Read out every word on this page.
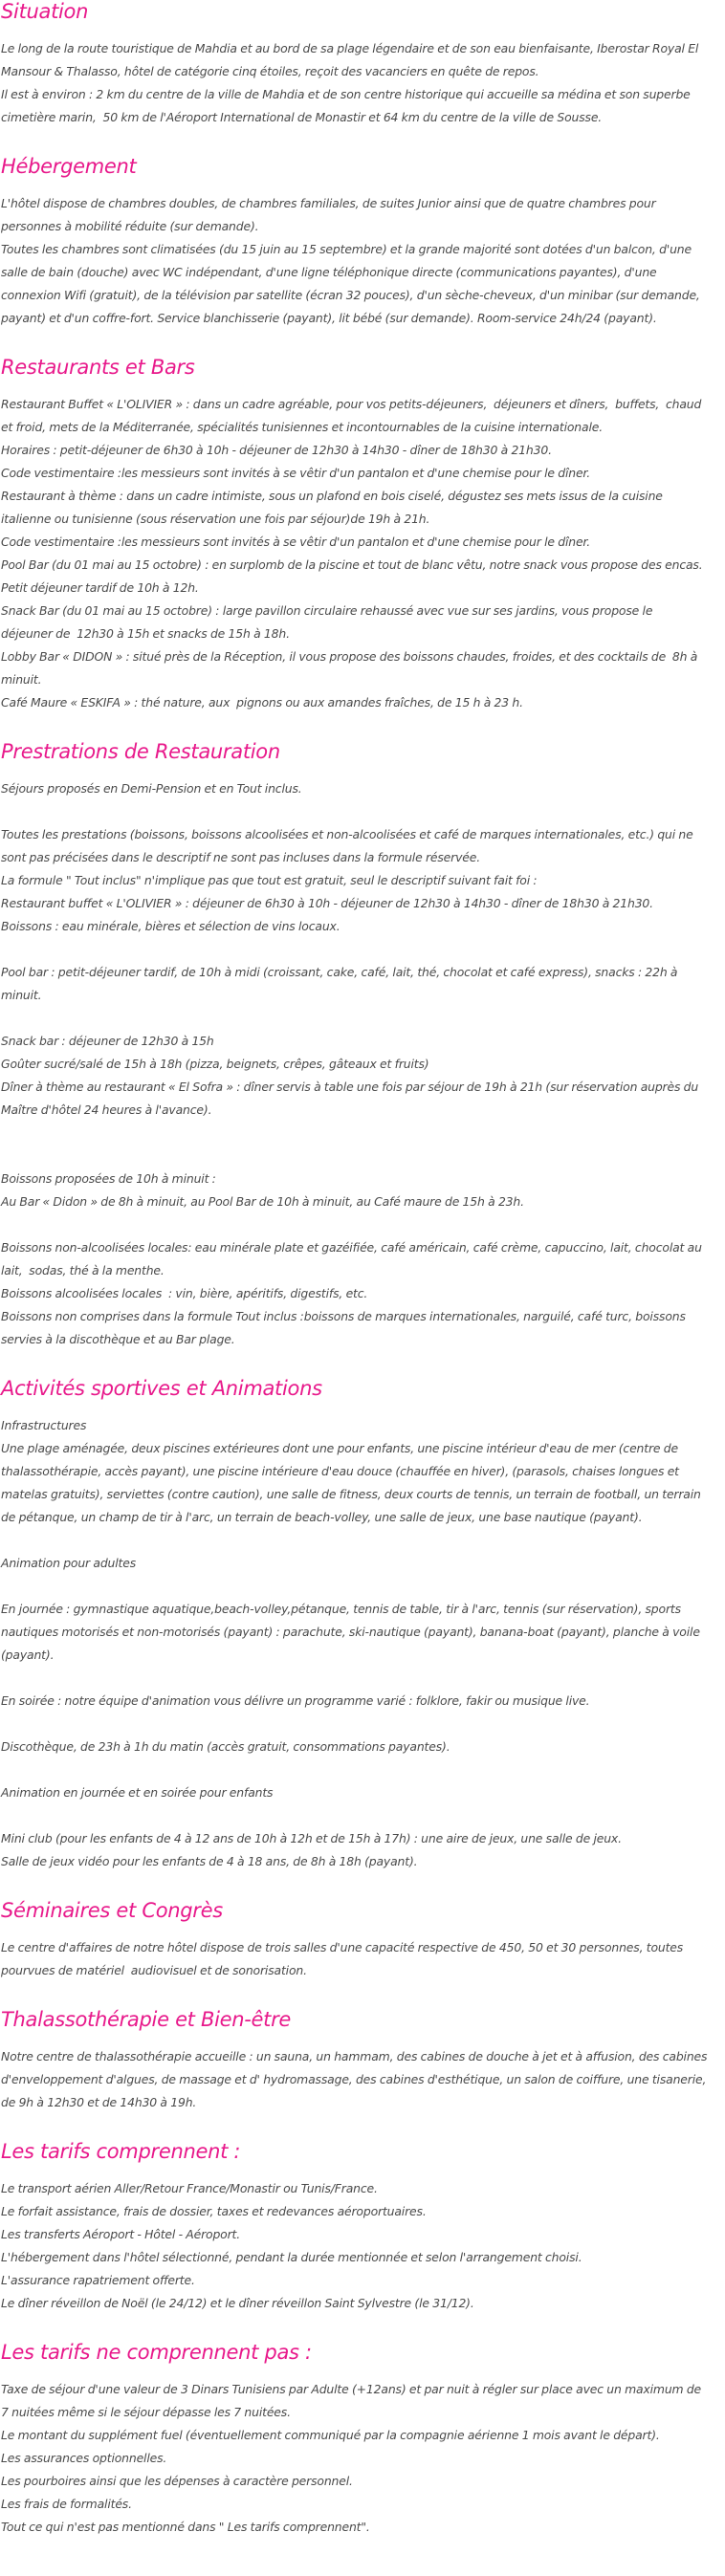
Situation

Le long de la route touristique de Mahdia et au bord de sa plage légendaire et de son eau bienfaisante, Iberostar Royal El

Mansour & Thalasso, hôtel de catégorie cinq étoiles, reçoit des vacanciers en quête de repos.

Il est à environ : 2 km du centre de la ville de Mahdia et de son centre historique qui accueille sa médina et son superbe

cimetière marin,  50 km de l'Aéroport International de Monastir et 64 km du centre de la ville de Sousse.

Hébergement

L'hôtel dispose de chambres doubles, de chambres familiales, de suites Junior ainsi que de quatre chambres pour

personnes à mobilité réduite (sur demande).

Toutes les chambres sont climatisées (du 15 juin au 15 septembre) et la grande majorité sont dotées d'un balcon, d'une

salle de bain (douche) avec WC indépendant, d'une ligne téléphonique directe (communications payantes), d'une

connexion Wifi (gratuit), de la télévision par satellite (écran 32 pouces), d'un sèche-cheveux, d'un minibar (sur demande,

payant) et d'un coffre-fort. Service blanchisserie (payant), lit bébé (sur demande). Room-service 24h/24 (payant).

Restaurants et Bars

Restaurant Buffet « L'OLIVIER » : dans un cadre agréable, pour vos petits-déjeuners,  déjeuners et dîners,  buffets,  chaud

et froid, mets de la Méditerranée, spécialités tunisiennes et incontournables de la cuisine internationale.

Horaires : petit-déjeuner de 6h30 à 10h - déjeuner de 12h30 à 14h30 - dîner de 18h30 à 21h30.

Code vestimentaire :les messieurs sont invités à se vêtir d'un pantalon et d'une chemise pour le dîner.

Restaurant à thème : dans un cadre intimiste, sous un plafond en bois ciselé, dégustez ses mets issus de la cuisine

italienne ou tunisienne (sous réservation une fois par séjour)de 19h à 21h.

Code vestimentaire :les messieurs sont invités à se vêtir d'un pantalon et d'une chemise pour le dîner.

Pool Bar (du 01 mai au 15 octobre) : en surplomb de la piscine et tout de blanc vêtu, notre snack vous propose des encas.

Petit déjeuner tardif de 10h à 12h.

Snack Bar (du 01 mai au 15 octobre) : large pavillon circulaire rehaussé avec vue sur ses jardins, vous propose le

déjeuner de  12h30 à 15h et snacks de 15h à 18h.

Lobby Bar « DIDON » : situé près de la Réception, il vous propose des boissons chaudes, froides, et des cocktails de  8h à

minuit.

Café Maure « ESKIFA » : thé nature, aux  pignons ou aux amandes fraîches, de 15 h à 23 h.

Prestrations de Restauration

Séjours proposés en Demi-Pension et en Tout inclus.

Toutes les prestations (boissons, boissons alcoolisées et non-alcoolisées et café de marques internationales, etc.) qui ne

sont pas précisées dans le descriptif ne sont pas incluses dans la formule réservée.

La formule " Tout inclus" n'implique pas que tout est gratuit, seul le descriptif suivant fait foi :

Restaurant buffet « L'OLIVIER » : déjeuner de 6h30 à 10h - déjeuner de 12h30 à 14h30 - dîner de 18h30 à 21h30.

Boissons : eau minérale, bières et sélection de vins locaux.

Pool bar : petit-déjeuner tardif, de 10h à midi (croissant, cake, café, lait, thé, chocolat et café express), snacks : 22h à

minuit.

Snack bar : déjeuner de 12h30 à 15h

Goûter sucré/salé de 15h à 18h (pizza, beignets, crêpes, gâteaux et fruits)

Dîner à thème au restaurant « El Sofra » : dîner servis à table une fois par séjour de 19h à 21h (sur réservation auprès du

Maître d'hôtel 24 heures à l'avance).

Boissons proposées de 10h à minuit :

Au Bar « Didon » de 8h à minuit, au Pool Bar de 10h à minuit, au Café maure de 15h à 23h.

Boissons non-alcoolisées locales: eau minérale plate et gazéifiée, café américain, café crème, capuccino, lait, chocolat au

lait,  sodas, thé à la menthe.

Boissons alcoolisées locales  : vin, bière, apéritifs, digestifs, etc.

Boissons non comprises dans la formule Tout inclus :boissons de marques internationales, narguilé, café turc, boissons

servies à la discothèque et au Bar plage.

Activités sportives et Animations

Infrastructures

Une plage aménagée, deux piscines extérieures dont une pour enfants, une piscine intérieur d'eau de mer (centre de

thalassothérapie, accès payant), une piscine intérieure d'eau douce (chauffée en hiver), (parasols, chaises longues et

matelas gratuits), serviettes (contre caution), une salle de fitness, deux courts de tennis, un terrain de football, un terrain

de pétanque, un champ de tir à l'arc, un terrain de beach-volley, une salle de jeux, une base nautique (payant).

Animation pour adultes

En journée : gymnastique aquatique,beach-volley,pétanque, tennis de table, tir à l'arc, tennis (sur réservation), sports

nautiques motorisés et non-motorisés (payant) : parachute, ski-nautique (payant), banana-boat (payant), planche à voile

(payant).

En soirée : notre équipe d'animation vous délivre un programme varié : folklore, fakir ou musique live.

Discothèque, de 23h à 1h du matin (accès gratuit, consommations payantes).

Animation en journée et en soirée pour enfants

Mini club (pour les enfants de 4 à 12 ans de 10h à 12h et de 15h à 17h) : une aire de jeux, une salle de jeux.

Salle de jeux vidéo pour les enfants de 4 à 18 ans, de 8h à 18h (payant).

Séminaires et Congrès

Le centre d'affaires de notre hôtel dispose de trois salles d'une capacité respective de 450, 50 et 30 personnes, toutes

pourvues de matériel  audiovisuel et de sonorisation.

Thalassothérapie et Bien-être

Notre centre de thalassothérapie accueille : un sauna, un hammam, des cabines de douche à jet et à affusion, des cabines

d'enveloppement d'algues, de massage et d' hydromassage, des cabines d'esthétique, un salon de coiffure, une tisanerie,

de 9h à 12h30 et de 14h30 à 19h.

Les tarifs comprennent :

Le transport aérien Aller/Retour France/Monastir ou Tunis/France.

Le forfait assistance, frais de dossier, taxes et redevances aéroportuaires.

Les transferts Aéroport - Hôtel - Aéroport.

L'hébergement dans l'hôtel sélectionné, pendant la durée mentionnée et selon l'arrangement choisi.

L'assurance rapatriement offerte.

Le dîner réveillon de Noël (le 24/12) et le dîner réveillon Saint Sylvestre (le 31/12).

Les tarifs ne comprennent pas :

Taxe de séjour d'une valeur de 3 Dinars Tunisiens par Adulte (+12ans) et par nuit à régler sur place avec un maximum de

7 nuitées même si le séjour dépasse les 7 nuitées.

Le montant du supplément fuel (éventuellement communiqué par la compagnie aérienne 1 mois avant le départ).

Les assurances optionnelles.

Les pourboires ainsi que les dépenses à caractère personnel.

Les frais de formalités.

Tout ce qui n'est pas mentionné dans " Les tarifs comprennent".
